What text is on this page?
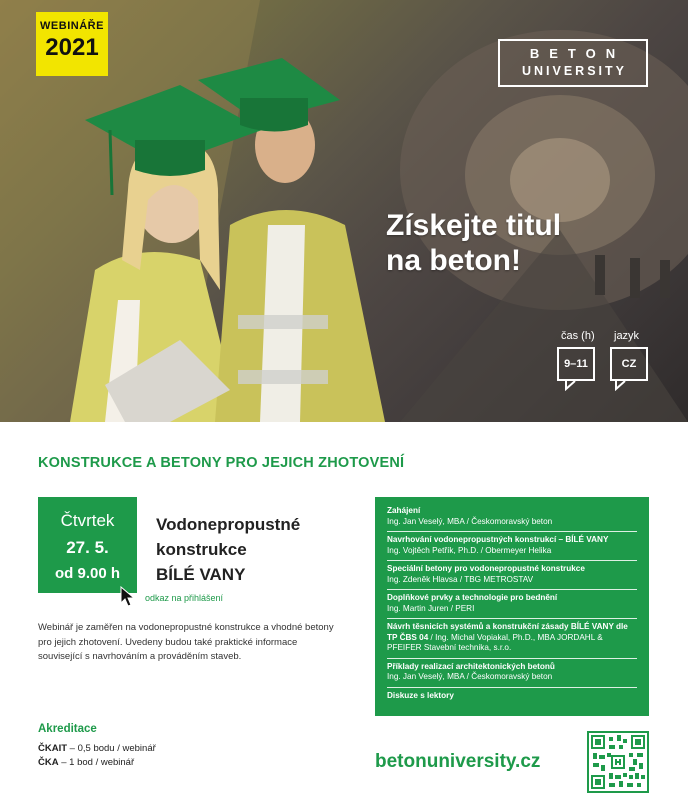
WEBINÁŘE
2021	BETON
UNIVERSITY
Získejte titul
na beton!
čas (h) jazyk
9–11	CZ
KONSTRUKCE A BETONY PRO JEJICH ZHOTOVENÍ
Čtvrtek
27. 5.
od 9.00 h
Vodonepropustné
konstrukce
BÍLÉ VANY
odkaz na přihlášení
Webinář je zaměřen na vodonepropustné konstrukce a vhodné betony pro jejich zhotovení. Uvedeny budou také praktické informace související s navrhováním a prováděním staveb.
Akreditace
ČKAIT – 0,5 bodu / webinář
ČKA – 1 bod / webinář
Zahájení
Ing. Jan Veselý, MBA / Českomoravský beton
Navrhování vodonepropustných konstrukcí – BÍLÉ VANY
Ing. Vojtěch Petřík, Ph.D. / Obermeyer Helika
Speciální betony pro vodonepropustné konstrukce
Ing. Zdeněk Hlavsa / TBG METROSTAV
Doplňkové prvky a technologie pro bednění
Ing. Martin Juren / PERI
Návrh těsnicích systémů a konstrukční zásady BÍLÉ VANY dle TP ČBS 04 / Ing. Michal Vopiakal, Ph.D., MBA JORDAHL & PFEIFER Stavební technika, s.r.o.
Příklady realizací architektonických betonů
Ing. Jan Veselý, MBA / Českomoravský beton
Diskuze s lektory
betonuniversity.cz
